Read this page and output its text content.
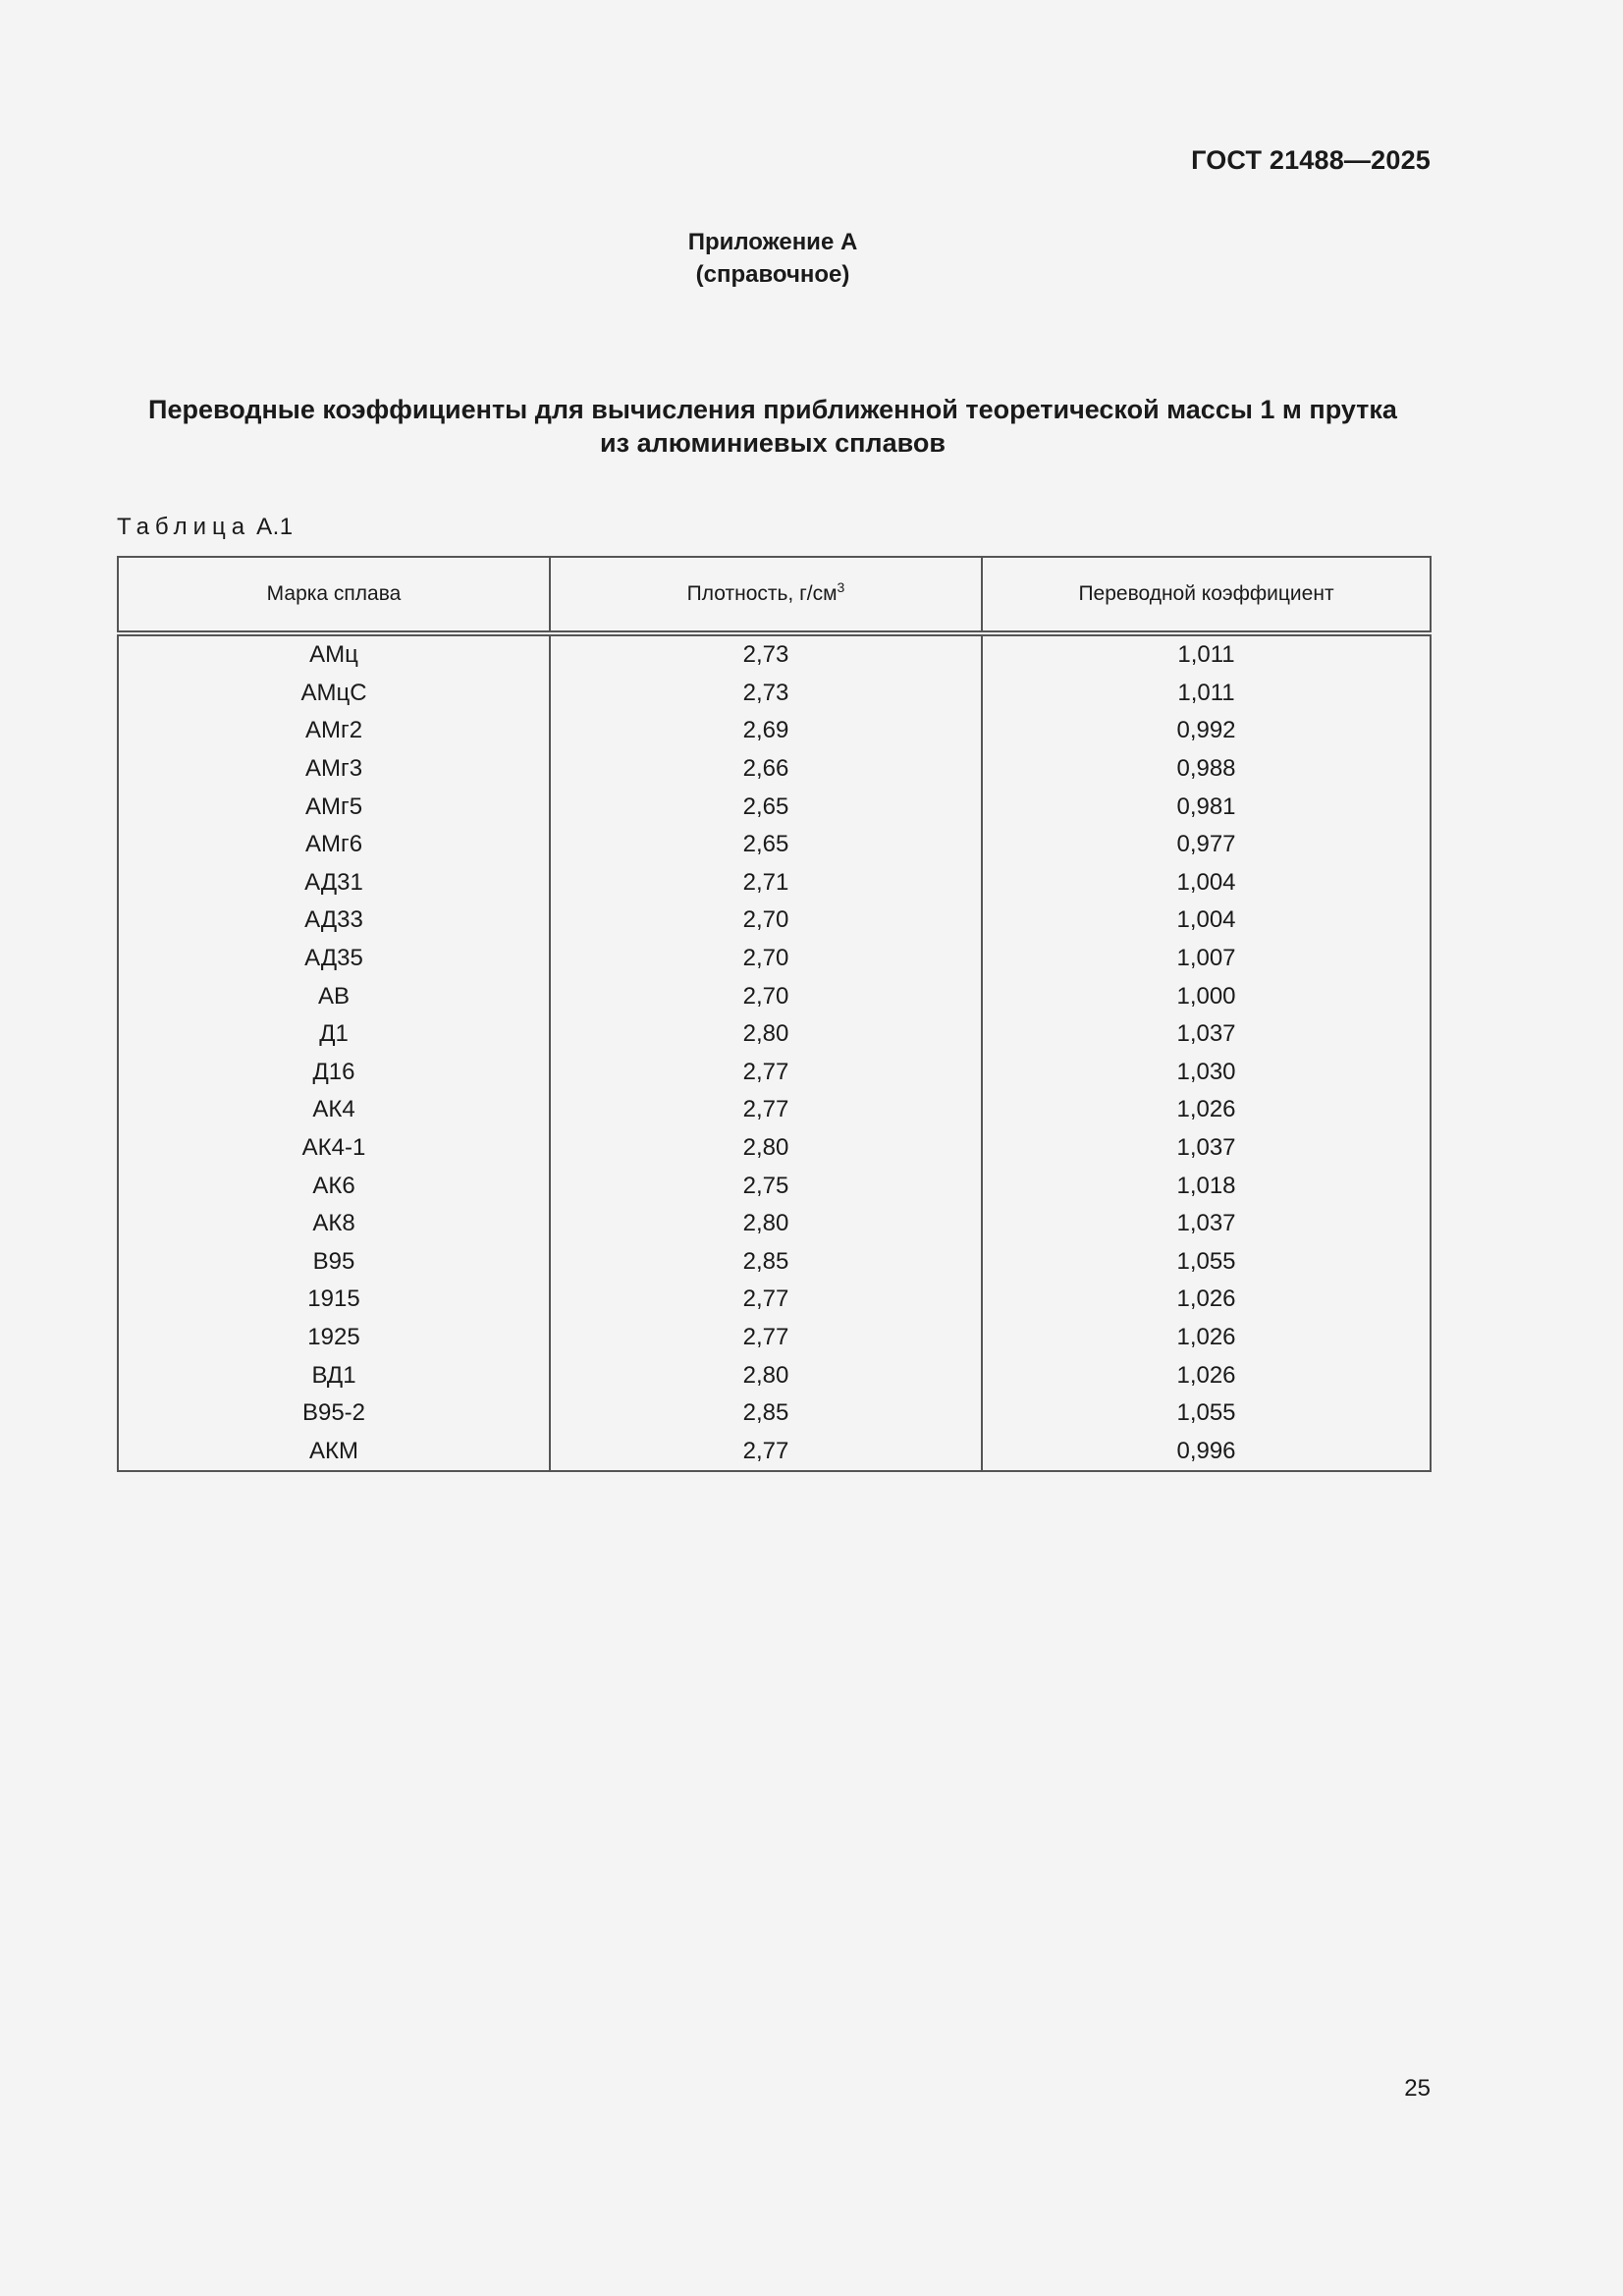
ГОСТ 21488—2025
Приложение А
(справочное)
Переводные коэффициенты для вычисления приближенной теоретической массы 1 м прутка
из алюминиевых сплавов
Таблица А.1
Марка сплава	Плотность, $г/см^3$	Переводной коэффициент
АМц	2,73	1,011
АМцС	2,73	1,011
АМг2	2,69	0,992
АМг3	2,66	0,988
АМг5	2,65	0,981
АМг6	2,65	0,977
АД31	2,71	1,004
АД33	2,70	1,004
АД35	2,70	1,007
АВ	2,70	1,000
Д1	2,80	1,037
Д16	2,77	1,030
АК4	2,77	1,026
АК4-1	2,80	1,037
АК6	2,75	1,018
АК8	2,80	1,037
В95	2,85	1,055
1915	2,77	1,026
1925	2,77	1,026
ВД1	2,80	1,026
В95-2	2,85	1,055
АКМ	2,77	0,996
25
